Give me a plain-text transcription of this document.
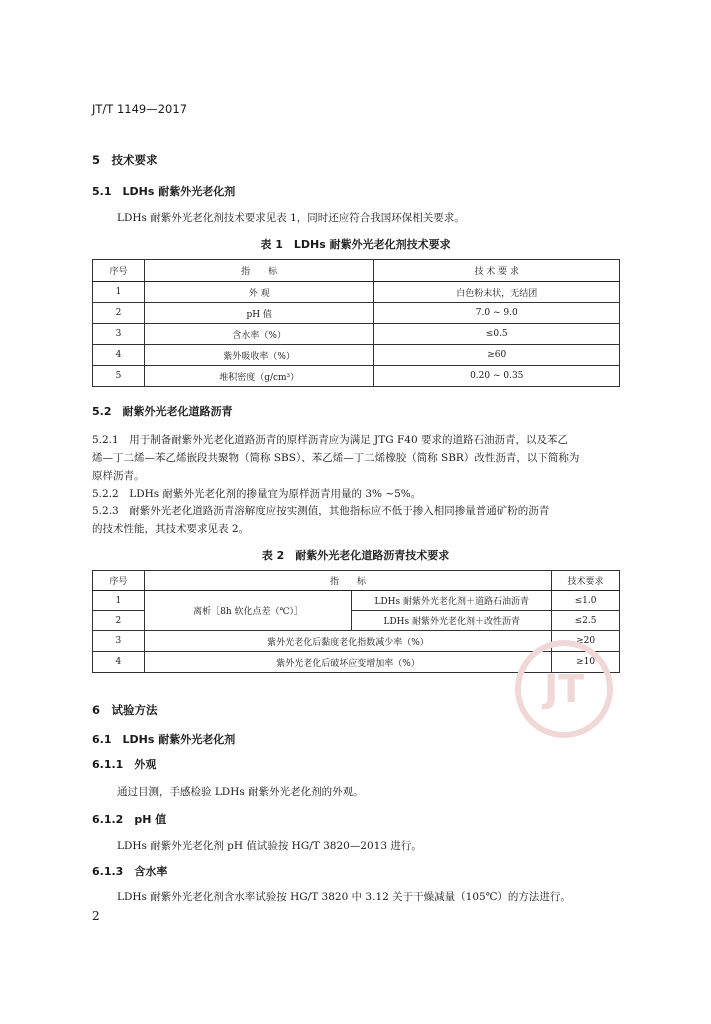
JT/T 1149—2017
5　技术要求
5.1　LDHs 耐紫外光老化剂
LDHs 耐紫外光老化剂技术要求见表 1，同时还应符合我国环保相关要求。
表 1　LDHs 耐紫外光老化剂技术要求
序号	指　　标	技 术 要 求
1	外 观	白色粉末状，无结团
2	pH 值	7.0 ~ 9.0
3	含水率（%）	≤0.5
4	紫外吸收率（%）	≥60
5	堆积密度（g/cm³）	0.20 ~ 0.35
5.2　耐紫外光老化道路沥青
5.2.1　用于制备耐紫外光老化道路沥青的原样沥青应为满足 JTG F40 要求的道路石油沥青，以及苯乙
烯—丁二烯—苯乙烯嵌段共聚物（简称 SBS）、苯乙烯—丁二烯橡胶（简称 SBR）改性沥青，以下简称为
原样沥青。
5.2.2　LDHs 耐紫外光老化剂的掺量宜为原样沥青用量的 3% ~5%。
5.2.3　耐紫外光老化道路沥青溶解度应按实测值，其他指标应不低于掺入相同掺量普通矿粉的沥青
的技术性能，其技术要求见表 2。
表 2　耐紫外光老化道路沥青技术要求
序号	指　　标		技术要求
1	离析［8h 软化点差（℃）］	LDHs 耐紫外光老化剂＋道路石油沥青	≤1.0
2		LDHs 耐紫外光老化剂＋改性沥青	≤2.5
3	紫外光老化后黏度老化指数减少率（%）		≥20
4	紫外光老化后破坏应变增加率（%）		≥10
JT
6　试验方法
6.1　LDHs 耐紫外光老化剂
6.1.1　外观
通过目测，手感检验 LDHs 耐紫外光老化剂的外观。
6.1.2　pH 值
LDHs 耐紫外光老化剂 pH 值试验按 HG/T 3820—2013 进行。
6.1.3　含水率
LDHs 耐紫外光老化剂含水率试验按 HG/T 3820 中 3.12 关于干燥减量（105℃）的方法进行。
2
